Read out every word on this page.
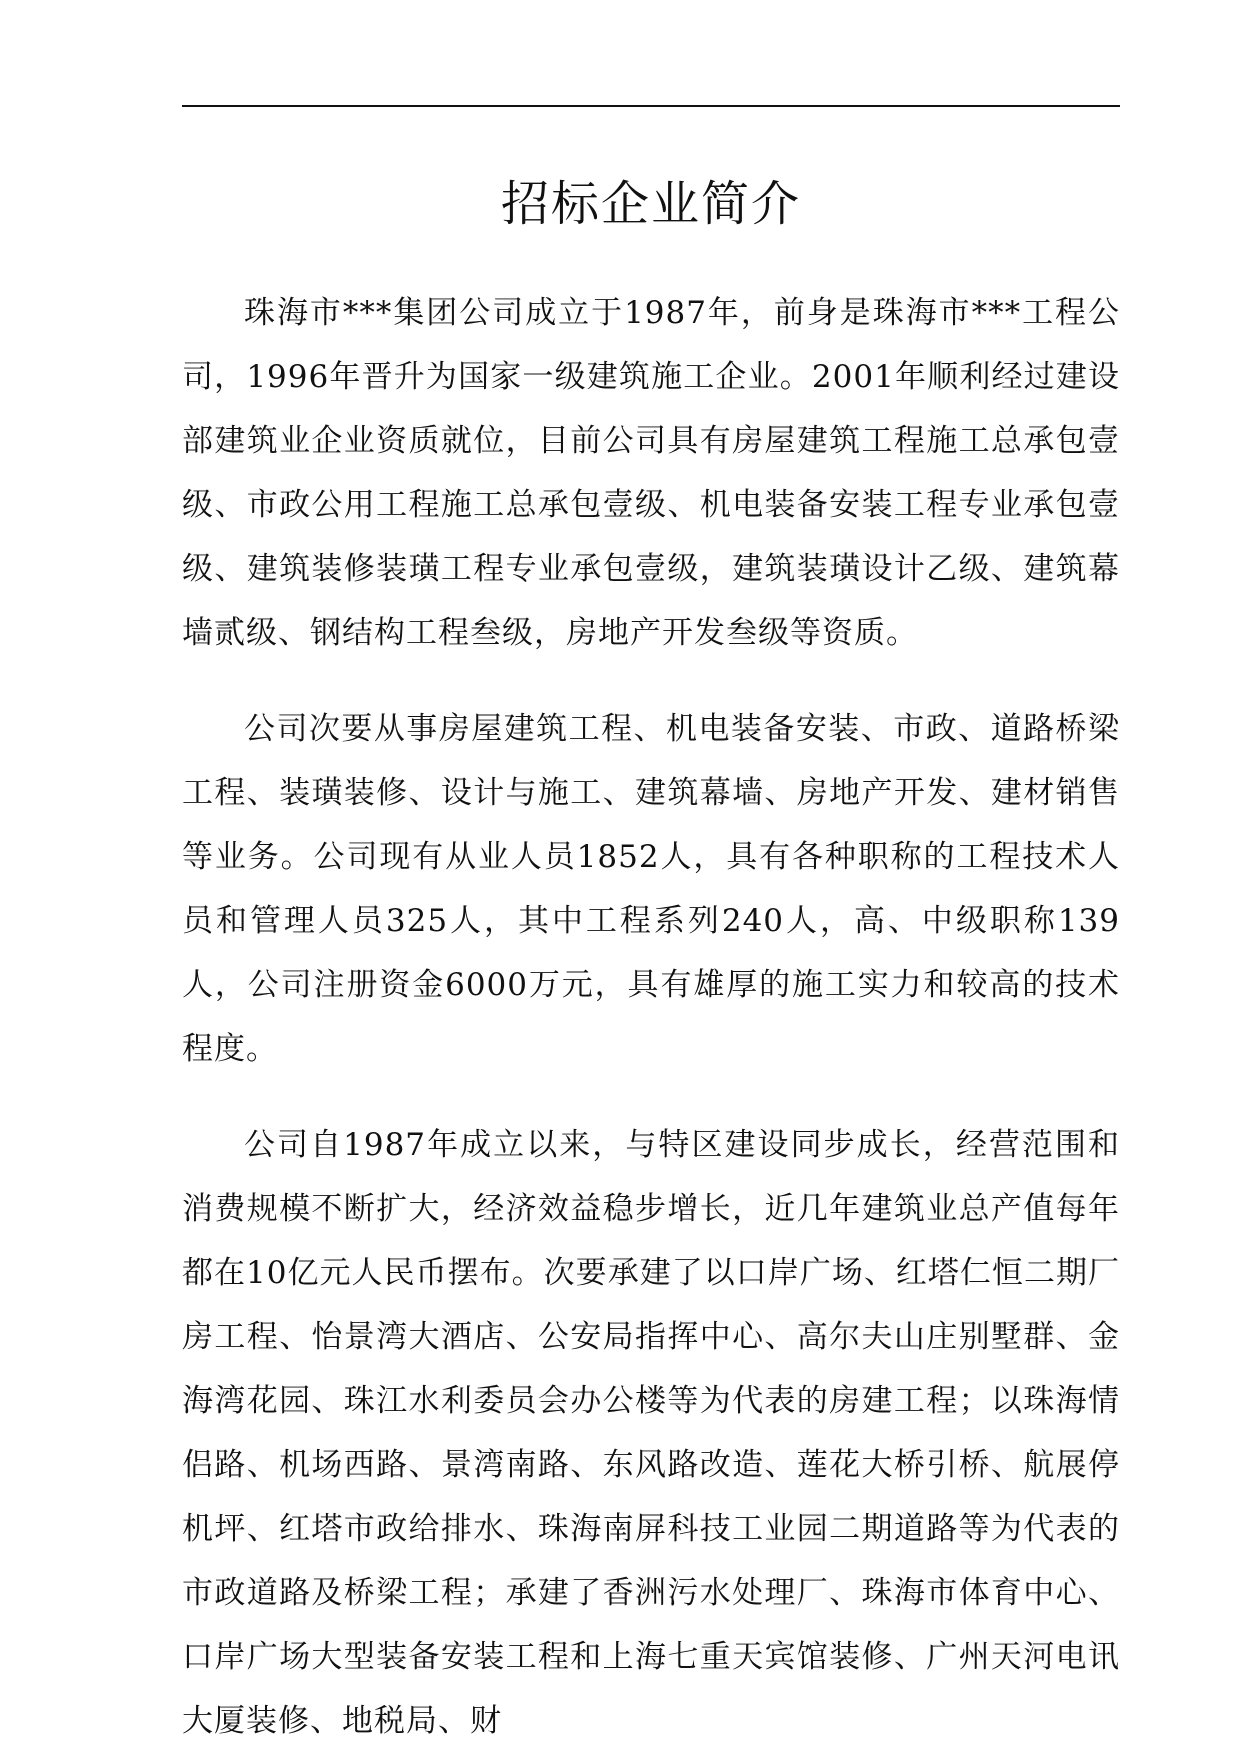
招标企业简介

珠海市***集团公司成立于1987年，前身是珠海市***工程公司，1996年晋升为国家一级建筑施工企业。2001年顺利经过建设部建筑业企业资质就位，目前公司具有房屋建筑工程施工总承包壹级、市政公用工程施工总承包壹级、机电装备安装工程专业承包壹级、建筑装修装璜工程专业承包壹级，建筑装璜设计乙级、建筑幕墙贰级、钢结构工程叁级，房地产开发叁级等资质。

公司次要从事房屋建筑工程、机电装备安装、市政、道路桥梁工程、装璜装修、设计与施工、建筑幕墙、房地产开发、建材销售等业务。公司现有从业人员1852人，具有各种职称的工程技术人员和管理人员325人，其中工程系列240人，高、中级职称139人，公司注册资金6000万元，具有雄厚的施工实力和较高的技术程度。

公司自1987年成立以来，与特区建设同步成长，经营范围和消费规模不断扩大，经济效益稳步增长，近几年建筑业总产值每年都在10亿元人民币摆布。次要承建了以口岸广场、红塔仁恒二期厂房工程、怡景湾大酒店、公安局指挥中心、高尔夫山庄别墅群、金海湾花园、珠江水利委员会办公楼等为代表的房建工程；以珠海情侣路、机场西路、景湾南路、东风路改造、莲花大桥引桥、航展停机坪、红塔市政给排水、珠海南屏科技工业园二期道路等为代表的市政道路及桥梁工程；承建了香洲污水处理厂、珠海市体育中心、口岸广场大型装备安装工程和上海七重天宾馆装修、广州天河电讯大厦装修、地税局、财
